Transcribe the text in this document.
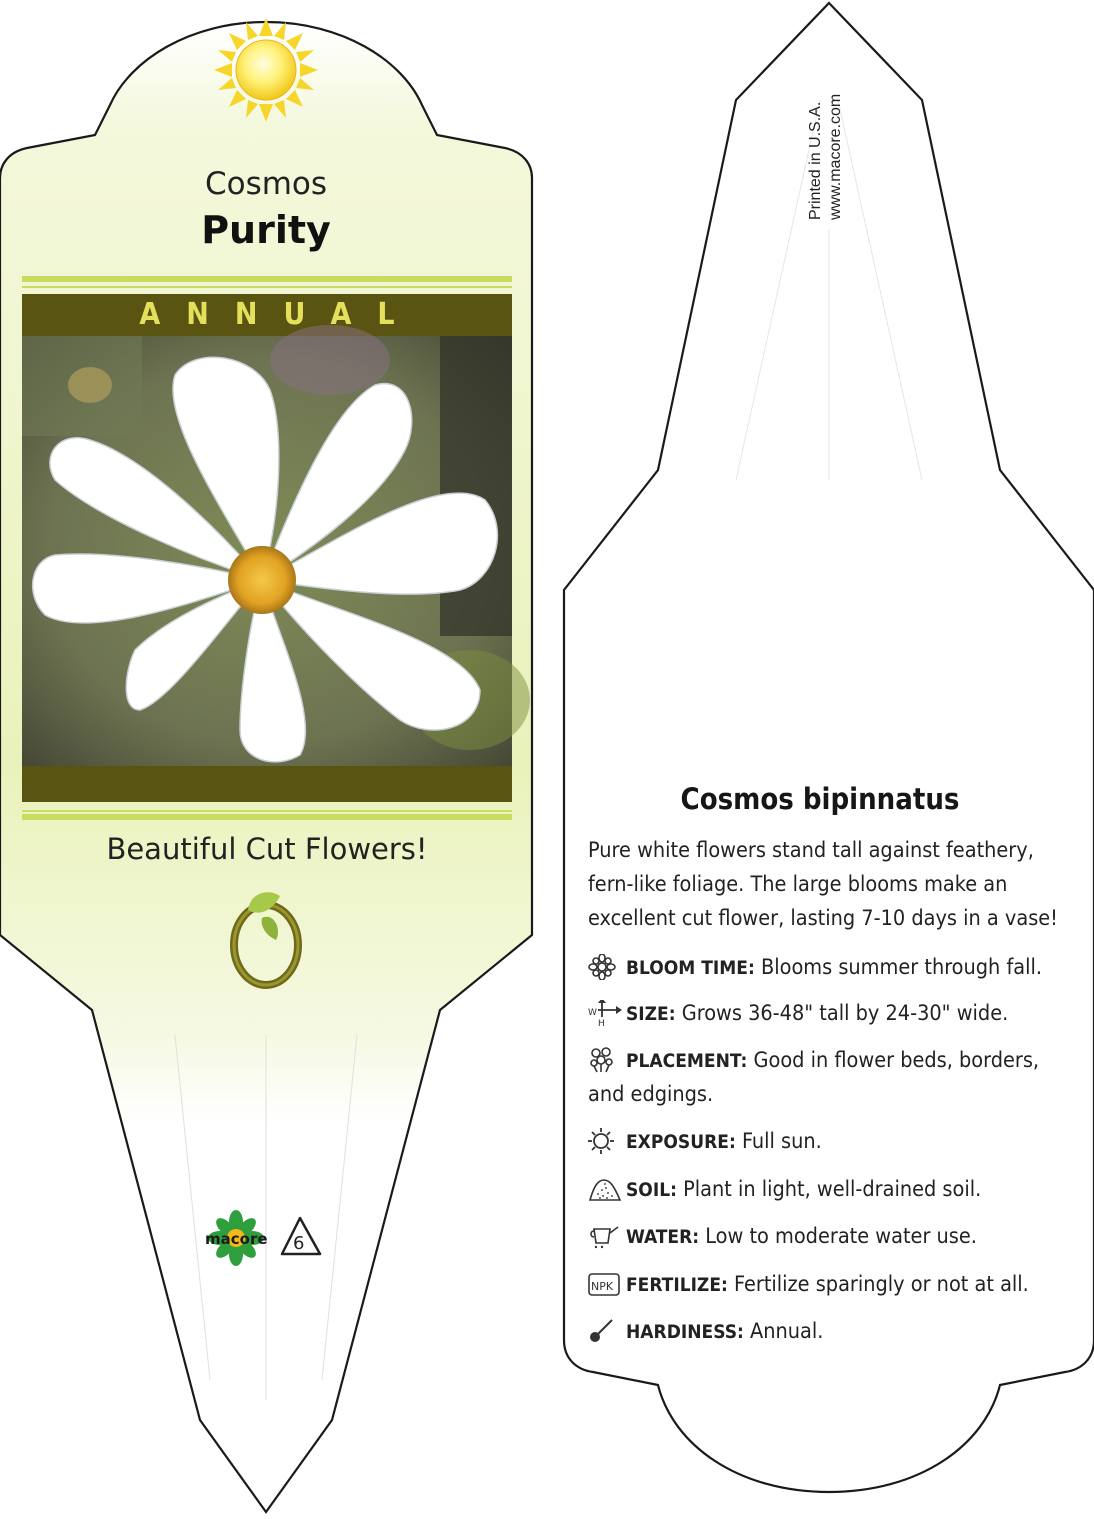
Cosmos
Purity
ANNUAL
Beautiful Cut Flowers!
macore 6
Printed in U.S.A. www.macore.com
Cosmos bipinnatus
Pure white flowers stand tall against feathery, fern-like foliage. The large blooms make an excellent cut flower, lasting 7-10 days in a vase!
BLOOM TIME: Blooms summer through fall.
W
H SIZE: Grows 36-48" tall by 24-30" wide.
PLACEMENT: Good in flower beds, borders, and edgings.
EXPOSURE: Full sun.
SOIL: Plant in light, well-drained soil.
WATER: Low to moderate water use.
NPK FERTILIZE: Fertilize sparingly or not at all.
HARDINESS: Annual.
